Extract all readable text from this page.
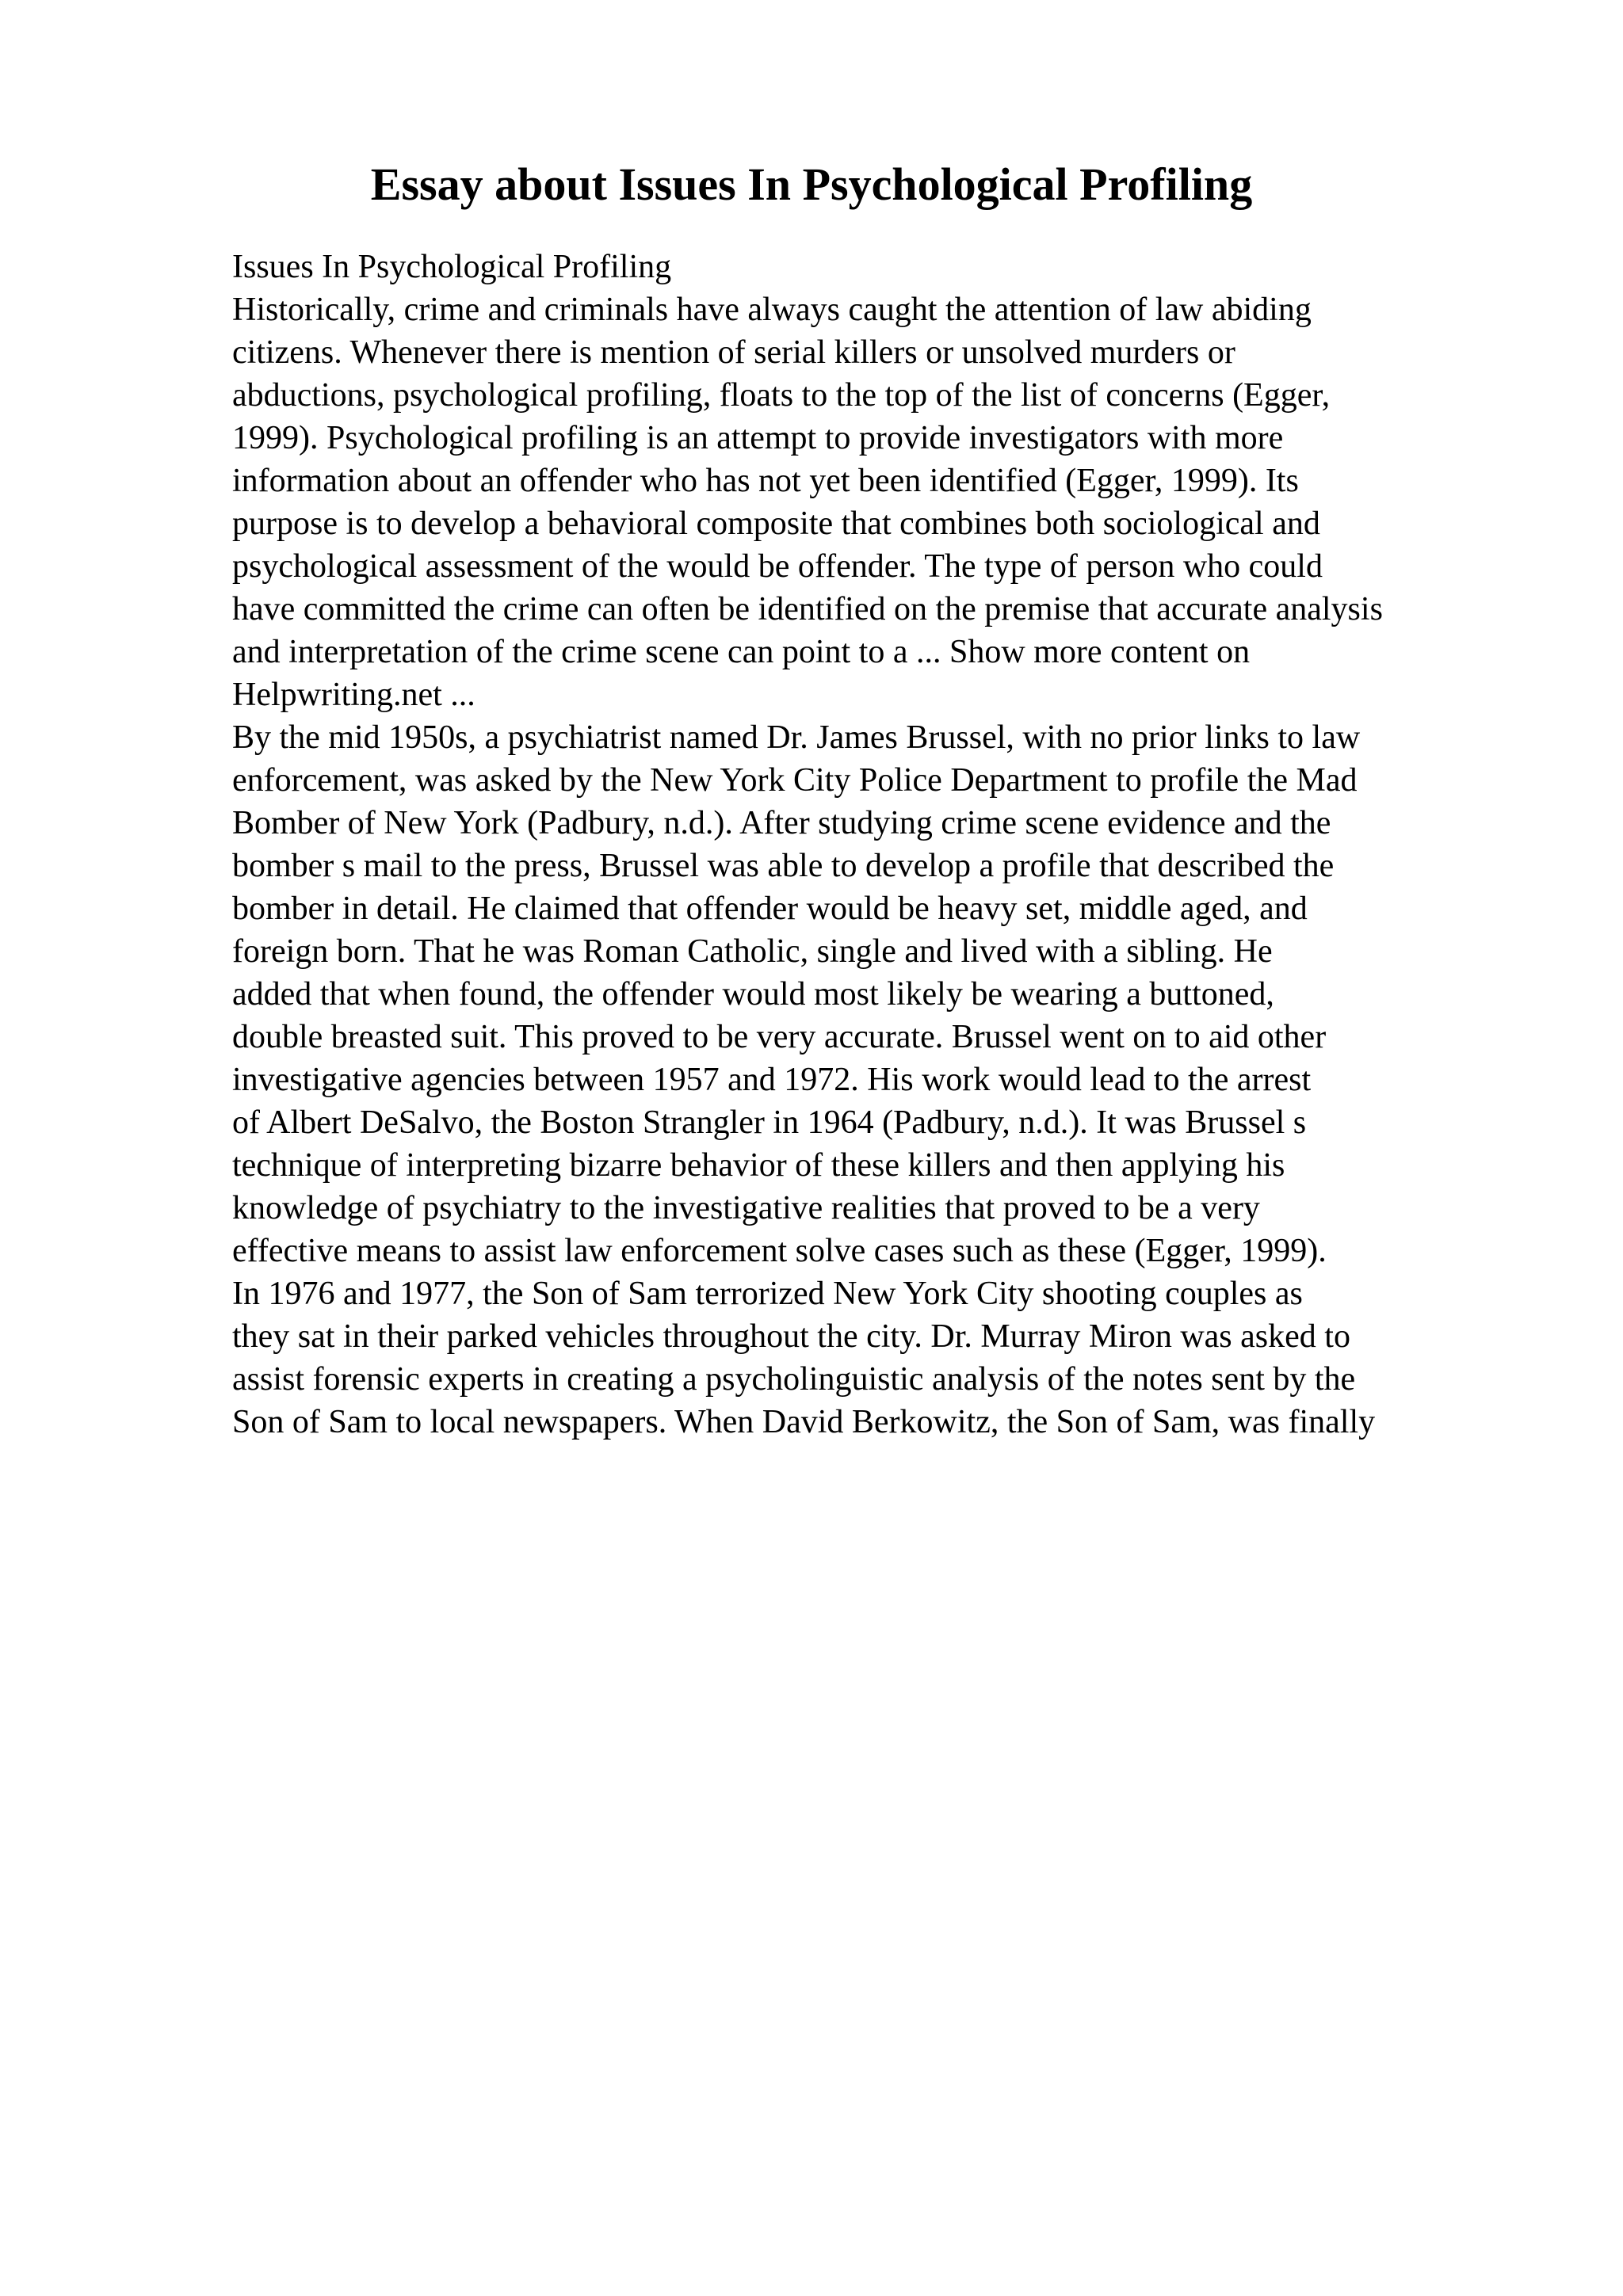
Essay about Issues In Psychological Profiling

Issues In Psychological Profiling

Historically, crime and criminals have always caught the attention of law abiding

citizens. Whenever there is mention of serial killers or unsolved murders or

abductions, psychological profiling, floats to the top of the list of concerns (Egger,

1999). Psychological profiling is an attempt to provide investigators with more

information about an offender who has not yet been identified (Egger, 1999). Its

purpose is to develop a behavioral composite that combines both sociological and

psychological assessment of the would be offender. The type of person who could

have committed the crime can often be identified on the premise that accurate analysis

and interpretation of the crime scene can point to a ... Show more content on

Helpwriting.net ...

By the mid 1950s, a psychiatrist named Dr. James Brussel, with no prior links to law

enforcement, was asked by the New York City Police Department to profile the Mad

Bomber of New York (Padbury, n.d.). After studying crime scene evidence and the

bomber s mail to the press, Brussel was able to develop a profile that described the

bomber in detail. He claimed that offender would be heavy set, middle aged, and

foreign born. That he was Roman Catholic, single and lived with a sibling. He

added that when found, the offender would most likely be wearing a buttoned,

double breasted suit. This proved to be very accurate. Brussel went on to aid other

investigative agencies between 1957 and 1972. His work would lead to the arrest

of Albert DeSalvo, the Boston Strangler in 1964 (Padbury, n.d.). It was Brussel s

technique of interpreting bizarre behavior of these killers and then applying his

knowledge of psychiatry to the investigative realities that proved to be a very

effective means to assist law enforcement solve cases such as these (Egger, 1999).

In 1976 and 1977, the Son of Sam terrorized New York City shooting couples as

they sat in their parked vehicles throughout the city. Dr. Murray Miron was asked to

assist forensic experts in creating a psycholinguistic analysis of the notes sent by the

Son of Sam to local newspapers. When David Berkowitz, the Son of Sam, was finally
